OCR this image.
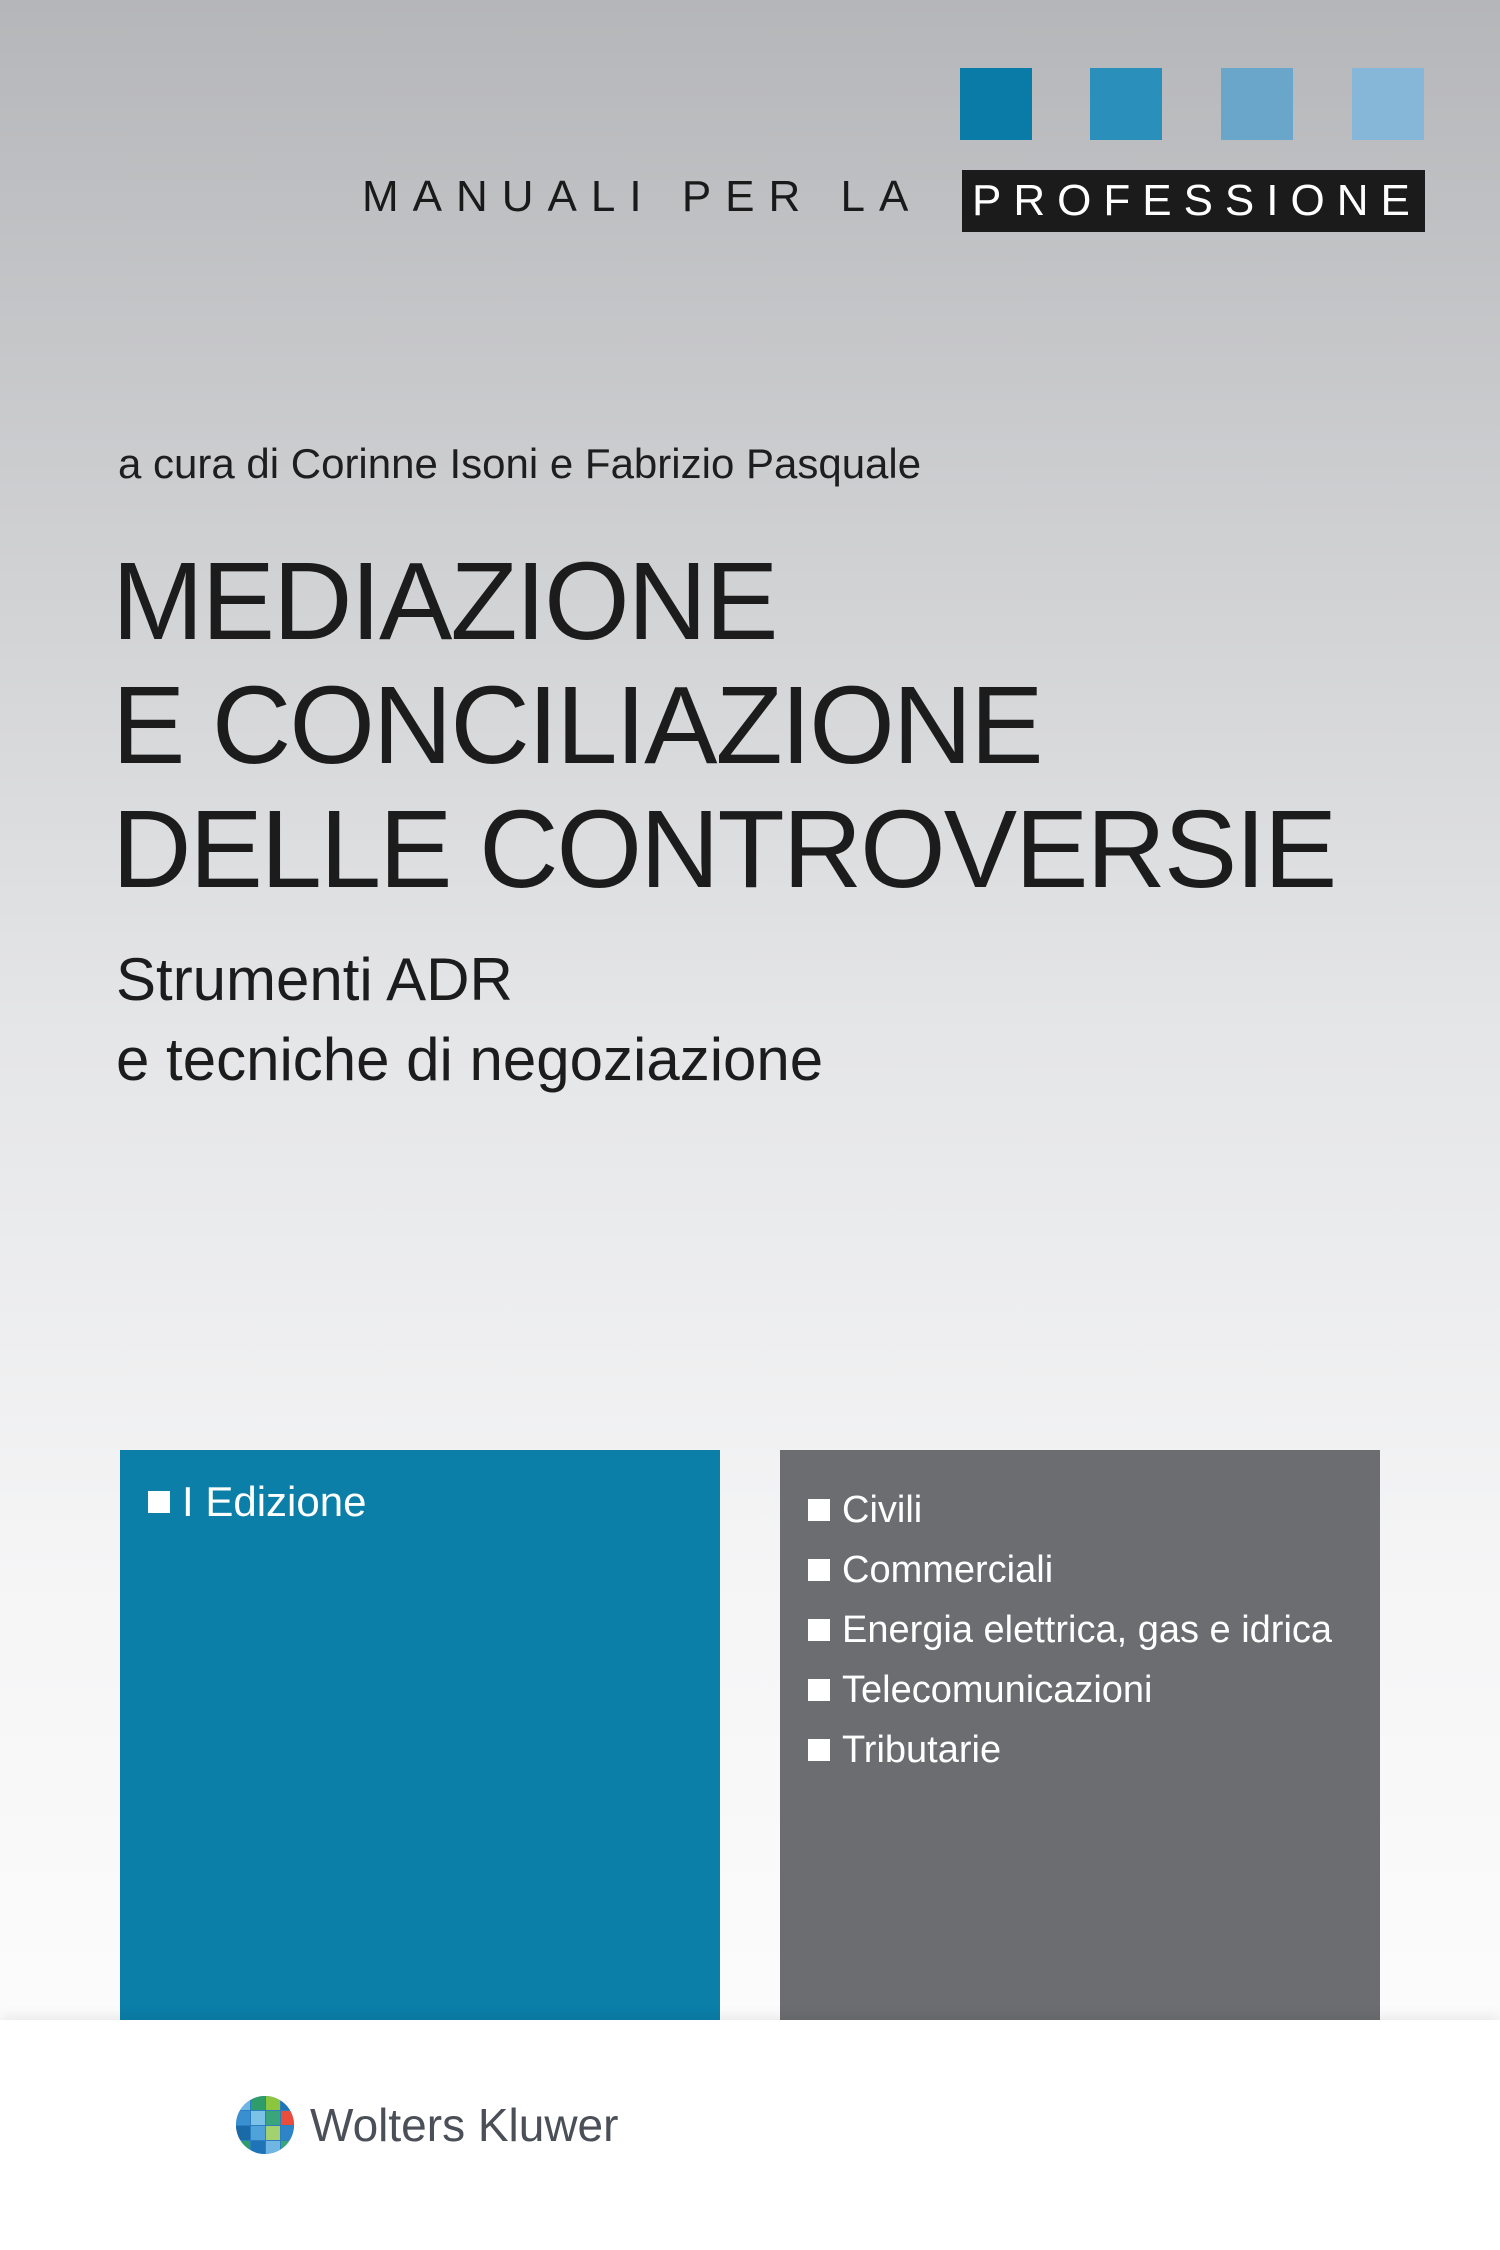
MANUALI PER LA PROFESSIONE
a cura di Corinne Isoni e Fabrizio Pasquale
MEDIAZIONE
E CONCILIAZIONE
DELLE CONTROVERSIE
Strumenti ADR
e tecniche di negoziazione
I Edizione	Civili
Commerciali
Energia elettrica, gas e idrica
Telecomunicazioni
Tributarie
Wolters Kluwer
